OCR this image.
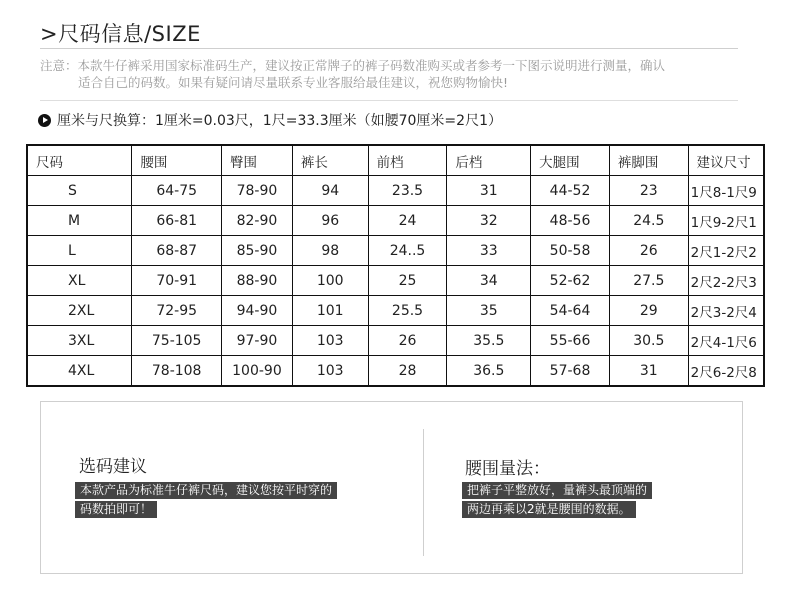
>尺码信息/SIZE
注意：本款牛仔裤采用国家标准码生产，建议按正常牌子的裤子码数准购买或者参考一下图示说明进行测量，确认
适合自己的码数。如果有疑问请尽量联系专业客服给最佳建议，祝您购物愉快!
厘米与尺换算：1厘米=0.03尺，1尺=33.3厘米（如腰70厘米=2尺1）
尺码	腰围	臀围	裤长	前档	后档	大腿围	裤脚围	建议尺寸
S	64-75	78-90	94	23.5	31	44-52	23	1尺8-1尺9
M	66-81	82-90	96	24	32	48-56	24.5	1尺9-2尺1
L	68-87	85-90	98	24..5	33	50-58	26	2尺1-2尺2
XL	70-91	88-90	100	25	34	52-62	27.5	2尺2-2尺3
2XL	72-95	94-90	101	25.5	35	54-64	29	2尺3-2尺4
3XL	75-105	97-90	103	26	35.5	55-66	30.5	2尺4-1尺6
4XL	78-108	100-90	103	28	36.5	57-68	31	2尺6-2尺8
选码建议
本款产品为标准牛仔裤尺码，建议您按平时穿的
码数拍即可！
腰围量法：
把裤子平整放好，量裤头最顶端的
两边再乘以2就是腰围的数据。
